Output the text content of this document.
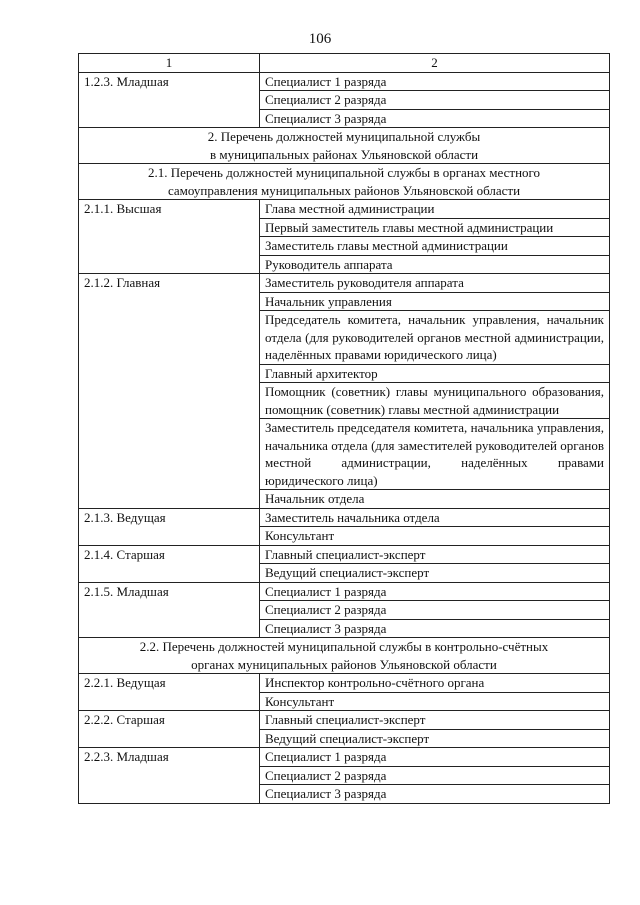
106
1	2
1.2.3. Младшая	Специалист 1 разряда
	Специалист 2 разряда
	Специалист 3 разряда
2. Перечень должностей муниципальной службы
в муниципальных районах Ульяновской области	
2.1. Перечень должностей муниципальной службы в органах местного
самоуправления муниципальных районов Ульяновской области	
2.1.1. Высшая	Глава местной администрации
	Первый заместитель главы местной администрации
	Заместитель главы местной администрации
	Руководитель аппарата
2.1.2. Главная	Заместитель руководителя аппарата
	Начальник управления
	Председатель комитета, начальник управления, начальник отдела (для руководителей органов местной администрации, наделённых правами юридического лица)
	Главный архитектор
	Помощник (советник) главы муниципального образования, помощник (советник) главы местной администрации
	Заместитель председателя комитета, начальника управления, начальника отдела (для заместителей руководителей органов местной администрации, наделённых правами юридического лица)
	Начальник отдела
2.1.3. Ведущая	Заместитель начальника отдела
	Консультант
2.1.4. Старшая	Главный специалист-эксперт
	Ведущий специалист-эксперт
2.1.5. Младшая	Специалист 1 разряда
	Специалист 2 разряда
	Специалист 3 разряда
2.2. Перечень должностей муниципальной службы в контрольно-счётных
органах муниципальных районов Ульяновской области	
2.2.1. Ведущая	Инспектор контрольно-счётного органа
	Консультант
2.2.2. Старшая	Главный специалист-эксперт
	Ведущий специалист-эксперт
2.2.3. Младшая	Специалист 1 разряда
	Специалист 2 разряда
	Специалист 3 разряда
